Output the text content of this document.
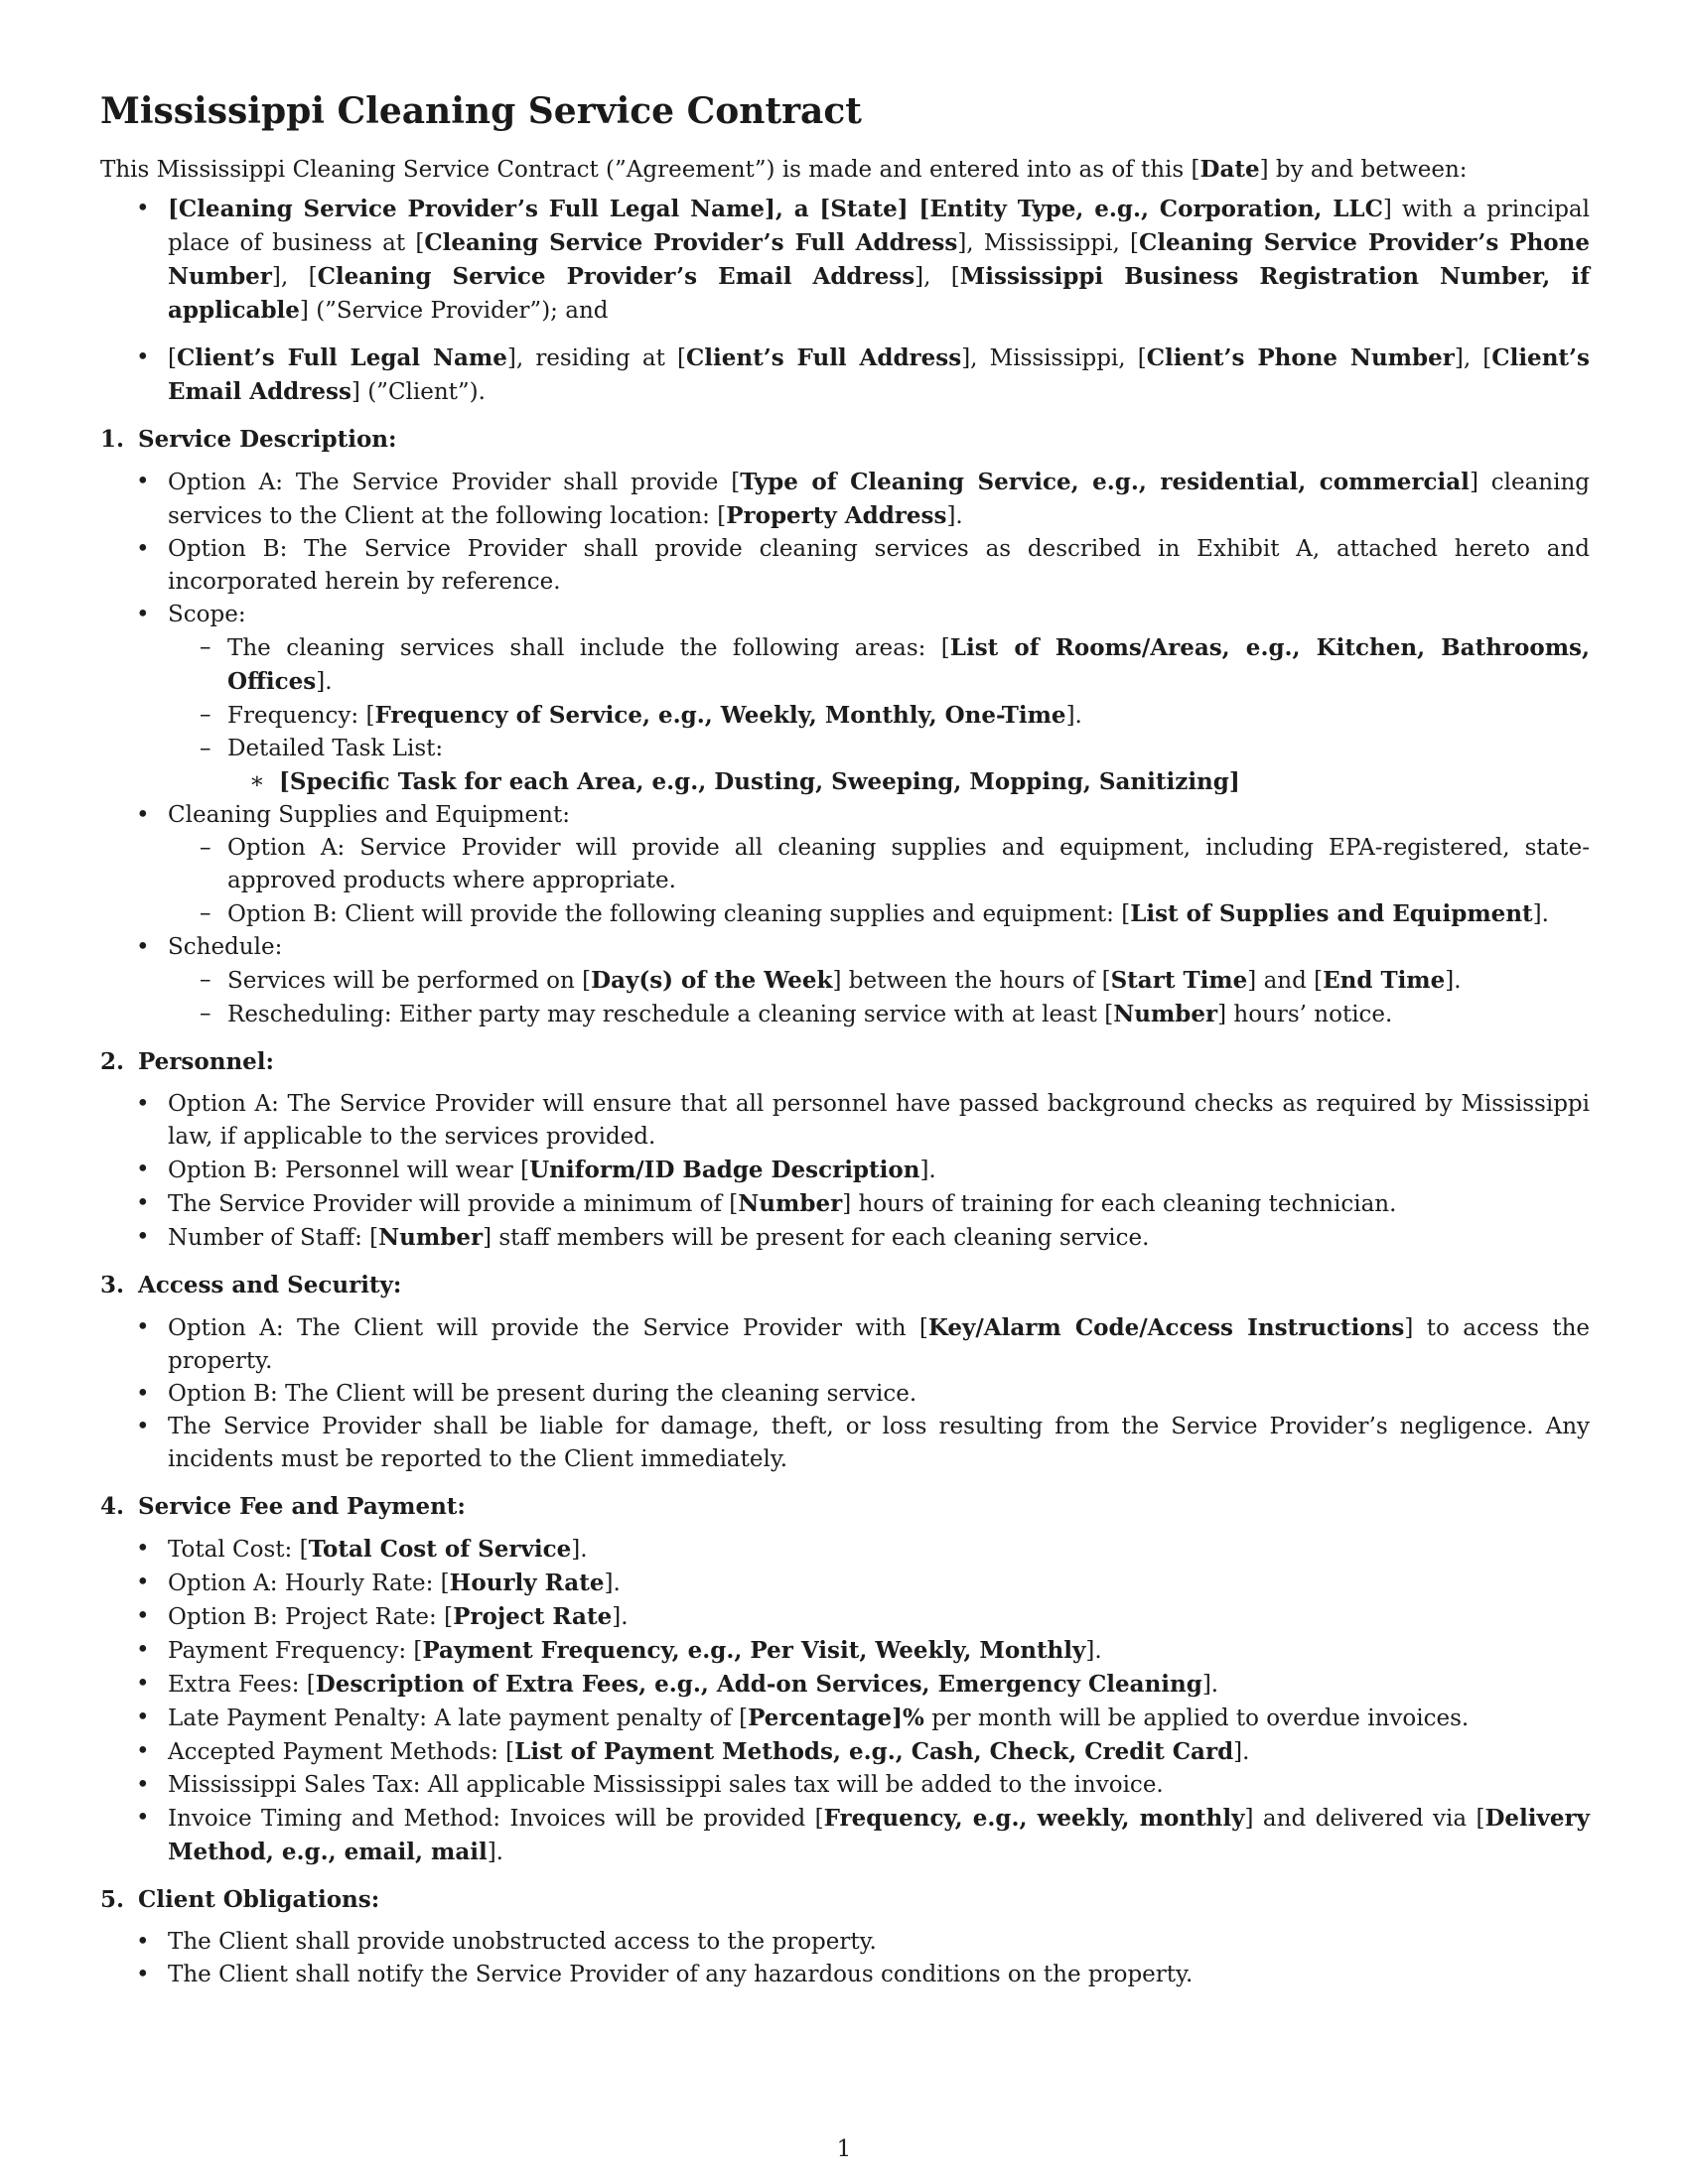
Mississippi Cleaning Service Contract

This Mississippi Cleaning Service Contract (”Agreement”) is made and entered into as of this [Date] by and between:

• [Cleaning Service Provider’s Full Legal Name], a [State] [Entity Type, e.g., Corporation, LLC] with a principal place of business at [Cleaning Service Provider’s Full Address], Mississippi, [Cleaning Service Provider’s Phone Number], [Cleaning Service Provider’s Email Address], [Mississippi Business Registration Number, if applicable] (”Service Provider”); and
• [Client’s Full Legal Name], residing at [Client’s Full Address], Mississippi, [Client’s Phone Number], [Client’s Email Address] (”Client”).
1. Service Description:
• Option A: The Service Provider shall provide [Type of Cleaning Service, e.g., residential, commercial] cleaning services to the Client at the following location: [Property Address].
• Option B: The Service Provider shall provide cleaning services as described in Exhibit A, attached hereto and incorporated herein by reference.
• Scope:
– The cleaning services shall include the following areas: [List of Rooms/Areas, e.g., Kitchen, Bathrooms, Offices].
– Frequency: [Frequency of Service, e.g., Weekly, Monthly, One-Time].
– Detailed Task List:
∗ [Specific Task for each Area, e.g., Dusting, Sweeping, Mopping, Sanitizing]
• Cleaning Supplies and Equipment:
– Option A: Service Provider will provide all cleaning supplies and equipment, including EPA-registered, state-approved products where appropriate.
– Option B: Client will provide the following cleaning supplies and equipment: [List of Supplies and Equipment].
• Schedule:
– Services will be performed on [Day(s) of the Week] between the hours of [Start Time] and [End Time].
– Rescheduling: Either party may reschedule a cleaning service with at least [Number] hours’ notice.
2. Personnel:
• Option A: The Service Provider will ensure that all personnel have passed background checks as required by Mississippi law, if applicable to the services provided.
• Option B: Personnel will wear [Uniform/ID Badge Description].
• The Service Provider will provide a minimum of [Number] hours of training for each cleaning technician.
• Number of Staff: [Number] staff members will be present for each cleaning service.
3. Access and Security:
• Option A: The Client will provide the Service Provider with [Key/Alarm Code/Access Instructions] to access the property.
• Option B: The Client will be present during the cleaning service.
• The Service Provider shall be liable for damage, theft, or loss resulting from the Service Provider’s negligence. Any incidents must be reported to the Client immediately.
4. Service Fee and Payment:
• Total Cost: [Total Cost of Service].
• Option A: Hourly Rate: [Hourly Rate].
• Option B: Project Rate: [Project Rate].
• Payment Frequency: [Payment Frequency, e.g., Per Visit, Weekly, Monthly].
• Extra Fees: [Description of Extra Fees, e.g., Add-on Services, Emergency Cleaning].
• Late Payment Penalty: A late payment penalty of [Percentage]% per month will be applied to overdue invoices.
• Accepted Payment Methods: [List of Payment Methods, e.g., Cash, Check, Credit Card].
• Mississippi Sales Tax: All applicable Mississippi sales tax will be added to the invoice.
• Invoice Timing and Method: Invoices will be provided [Frequency, e.g., weekly, monthly] and delivered via [Delivery Method, e.g., email, mail].
5. Client Obligations:
• The Client shall provide unobstructed access to the property.
• The Client shall notify the Service Provider of any hazardous conditions on the property.
1
